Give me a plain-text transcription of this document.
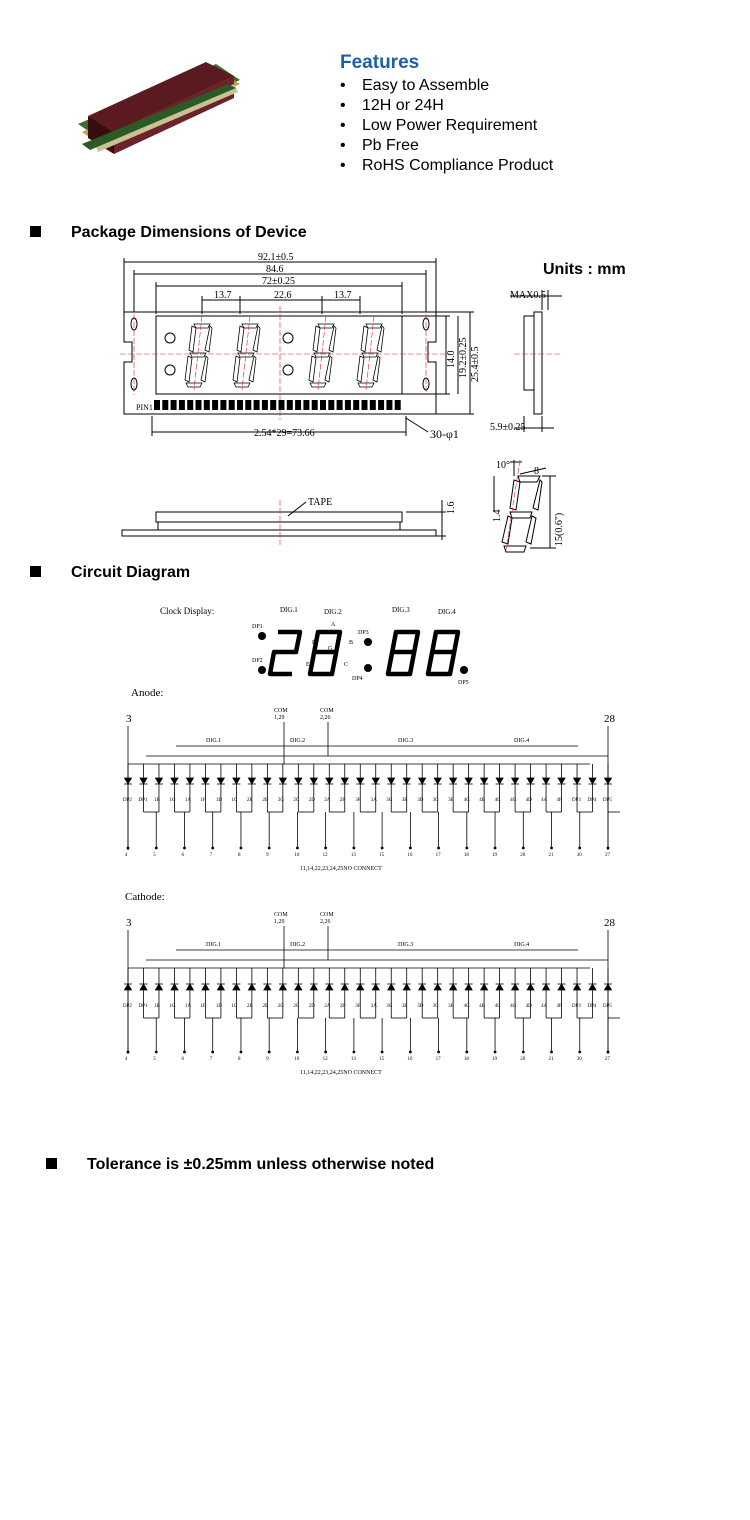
Features
• Easy to Assemble
• 12H or 24H
• Low Power Requirement
• Pb Free
• RoHS Compliance Product
Package Dimensions of Device
Units : mm
92.1±0.5
84.6
72±0.25
13.7	22.6	13.7
PIN1
2.54*29=73.66	30-φ1
MAX0.5
5.9±0.25
TAPE
10°
8
14.0 19.2±0.25 25.4±0.5
1.6
1.4	15(0.6")
Circuit Diagram
Clock Display:	DIG.1	DIG.2	DIG.3	DIG.4
DP1
DP2
DP3
DP4
DP5
A
B
C
E
F
G
Anode:
3	28
COM
1,29
COM
2,26
DIG.1	DIG.2	DIG.3	DIG.4
DP2 DP1 1B 1G 1A 1F 1D 1C 2E 2B 2G 2C 2D 2A 2F 3F 3A 3G 3E 3D 3C 3E 4G 4B 4C 4G 4D 4A 4F DP3 DP4 DP5
4	5	6	7	8	9	10	12	13	15	16	17	18	19	20	21	30	27
11,14,22,23,24,25NO CONNECT
Cathode:
3	28
COM
1,29
COM
2,26
DIG.1	DIG.2	DIG.3	DIG.4
DP2 DP1 1B 1G 1A 1F 1D 1C 2E 2B 2G 2C 2D 2A 2F 3F 3A 3G 3E 3D 3C 3E 4G 4B 4C 4G 4D 4A 4F DP3 DP4 DP5
4	5	6	7	8	9	10	12	13	15	16	17	18	19	20	21	30	27
11,14,22,23,24,25NO CONNECT
Tolerance is ±0.25mm unless otherwise noted
